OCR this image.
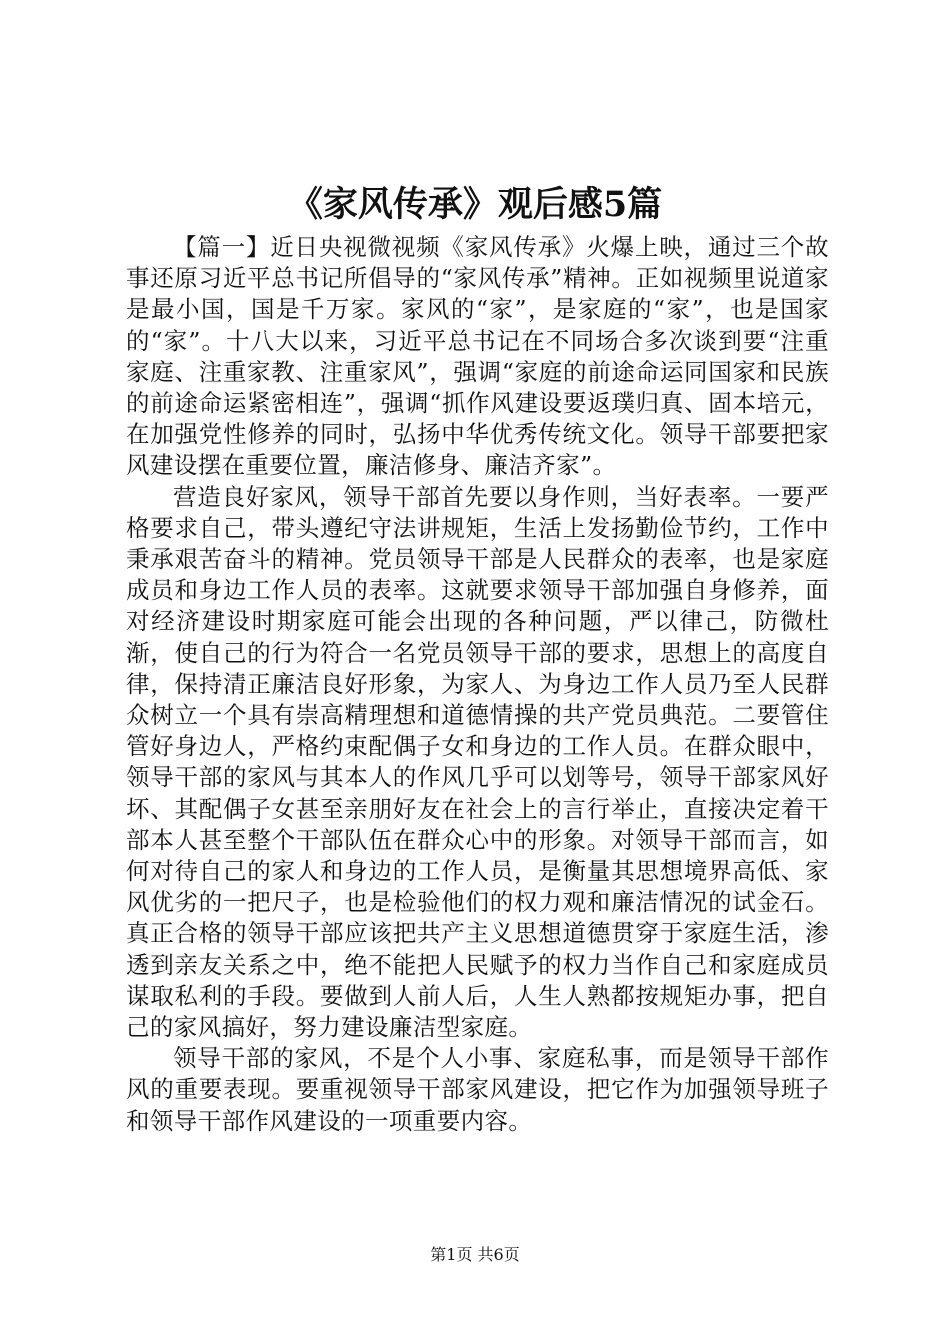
《家风传承》观后感5篇

【篇一】近日央视微视频《家风传承》火爆上映，通过三个故事还原习近平总书记所倡导的“家风传承”精神。正如视频里说道家是最小国，国是千万家。家风的“家”，是家庭的“家”，也是国家的“家”。十八大以来，习近平总书记在不同场合多次谈到要“注重家庭、注重家教、注重家风”，强调“家庭的前途命运同国家和民族的前途命运紧密相连”，强调“抓作风建设要返璞归真、固本培元，在加强党性修养的同时，弘扬中华优秀传统文化。领导干部要把家风建设摆在重要位置，廉洁修身、廉洁齐家”。

营造良好家风，领导干部首先要以身作则，当好表率。一要严格要求自己，带头遵纪守法讲规矩，生活上发扬勤俭节约，工作中秉承艰苦奋斗的精神。党员领导干部是人民群众的表率，也是家庭成员和身边工作人员的表率。这就要求领导干部加强自身修养，面对经济建设时期家庭可能会出现的各种问题，严以律己，防微杜渐，使自己的行为符合一名党员领导干部的要求，思想上的高度自律，保持清正廉洁良好形象，为家人、为身边工作人员乃至人民群众树立一个具有崇高精理想和道德情操的共产党员典范。二要管住管好身边人，严格约束配偶子女和身边的工作人员。在群众眼中，领导干部的家风与其本人的作风几乎可以划等号，领导干部家风好坏、其配偶子女甚至亲朋好友在社会上的言行举止，直接决定着干部本人甚至整个干部队伍在群众心中的形象。对领导干部而言，如何对待自己的家人和身边的工作人员，是衡量其思想境界高低、家风优劣的一把尺子，也是检验他们的权力观和廉洁情况的试金石。真正合格的领导干部应该把共产主义思想道德贯穿于家庭生活，渗透到亲友关系之中，绝不能把人民赋予的权力当作自己和家庭成员谋取私利的手段。要做到人前人后，人生人熟都按规矩办事，把自己的家风搞好，努力建设廉洁型家庭。

领导干部的家风，不是个人小事、家庭私事，而是领导干部作风的重要表现。要重视领导干部家风建设，把它作为加强领导班子和领导干部作风建设的一项重要内容。

第1页 共6页
